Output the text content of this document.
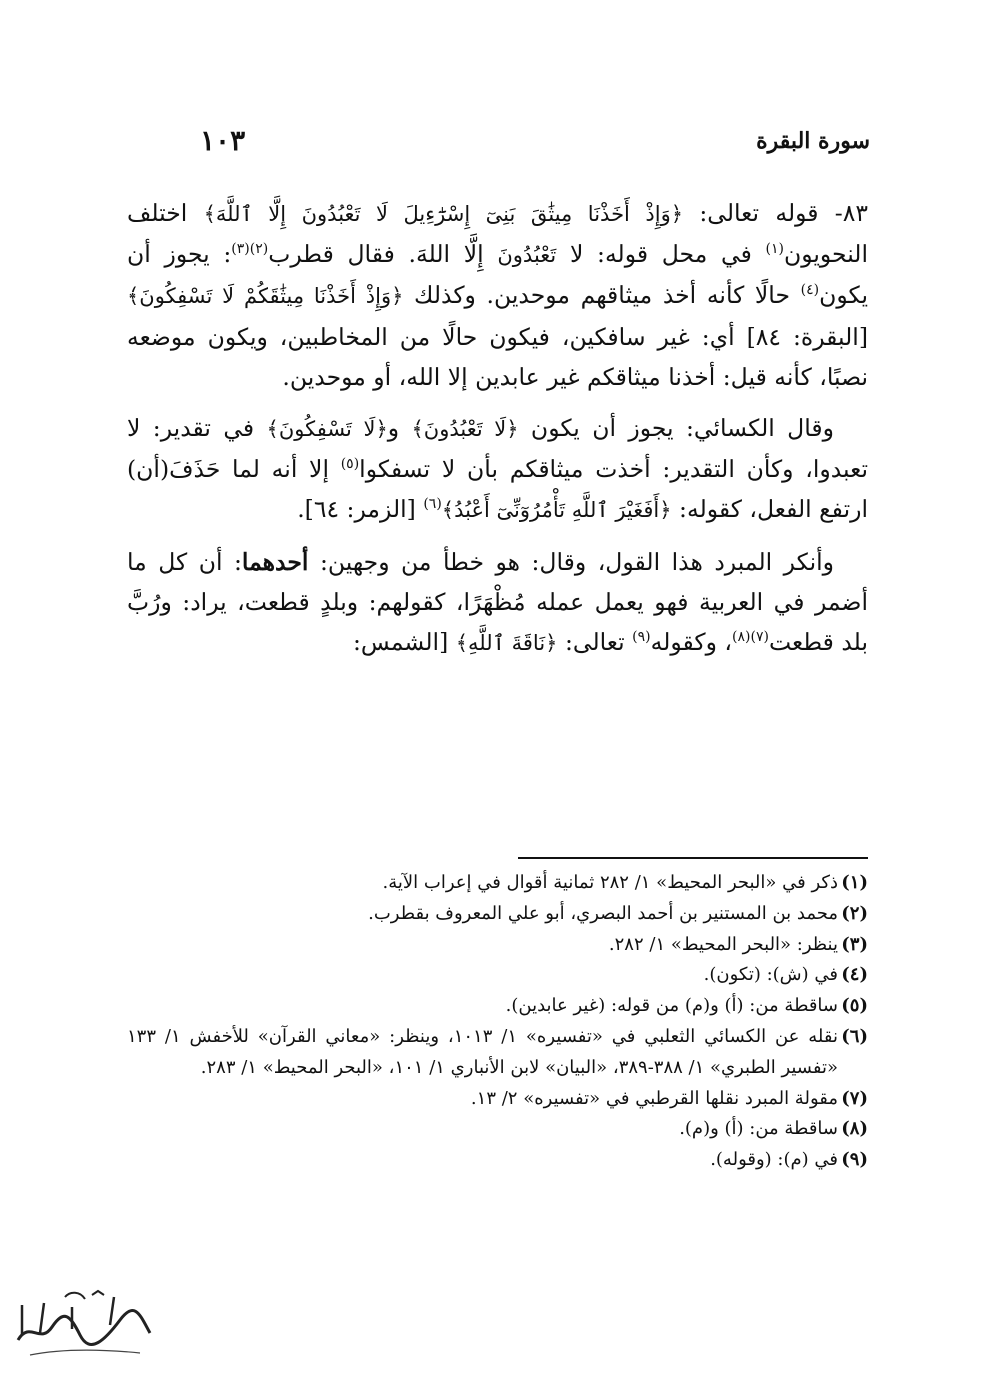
سورة البقرة
١٠٣

٨٣- قوله تعالى: ﴿وَإِذْ أَخَذْنَا مِيثَٰقَ بَنِىٓ إِسْرَٰٓءِيلَ لَا تَعْبُدُونَ إِلَّا ٱللَّهَ﴾ اختلف النحويون$^{(١)}$ في محل قوله: لا تَعْبُدُونَ إِلَّا اللهَ. فقال قطرب$^{(٢)(٣)}$: يجوز أن يكون$^{(٤)}$ حالًا كأنه أخذ ميثاقهم موحدين. وكذلك ﴿وَإِذْ أَخَذْنَا مِيثَٰقَكُمْ لَا تَسْفِكُونَ﴾ [البقرة: ٨٤] أي: غير سافكين، فيكون حالًا من المخاطبين، ويكون موضعه نصبًا، كأنه قيل: أخذنا ميثاقكم غير عابدين إلا الله، أو موحدين.

وقال الكسائي: يجوز أن يكون ﴿لَا تَعْبُدُونَ﴾ و﴿لَا تَسْفِكُونَ﴾ في تقدير: لا تعبدوا، وكأن التقدير: أخذت ميثاقكم بأن لا تسفكوا$^{(٥)}$ إلا أنه لما حَذَفَ(أن) ارتفع الفعل، كقوله: ﴿أَفَغَيْرَ ٱللَّهِ تَأْمُرُوٓنِّىٓ أَعْبُدُ﴾$^{(٦)}$ [الزمر: ٦٤].

وأنكر المبرد هذا القول، وقال: هو خطأ من وجهين: أحدهما: أن كل ما أضمر في العربية فهو يعمل عمله مُظْهَرًا، كقولهم: وبلدٍ قطعت، يراد: ورُبَّ بلد قطعت$^{(٧)(٨)}$، وكقوله$^{(٩)}$ تعالى: ﴿نَاقَةَ ٱللَّهِ﴾ [الشمس:

(١)
ذكر في «البحر المحيط» ١/ ٢٨٢ ثمانية أقوال في إعراب الآية.
(٢)
محمد بن المستنير بن أحمد البصري، أبو علي المعروف بقطرب.
(٣)
ينظر: «البحر المحيط» ١/ ٢٨٢.
(٤)
في (ش): (تكون).
(٥)
ساقطة من: (أ) و(م) من قوله: (غير عابدين).
(٦)
نقله عن الكسائي الثعلبي في «تفسيره» ١/ ١٠١٣، وينظر: «معاني القرآن» للأخفش ١/ ١٣٣ «تفسير الطبري» ١/ ٣٨٨-٣٨٩، «البيان» لابن الأنباري ١/ ١٠١، «البحر المحيط» ١/ ٢٨٣.
(٧)
مقولة المبرد نقلها القرطبي في «تفسيره» ٢/ ١٣.
(٨)
ساقطة من: (أ) و(م).
(٩)
في (م): (وقوله).
